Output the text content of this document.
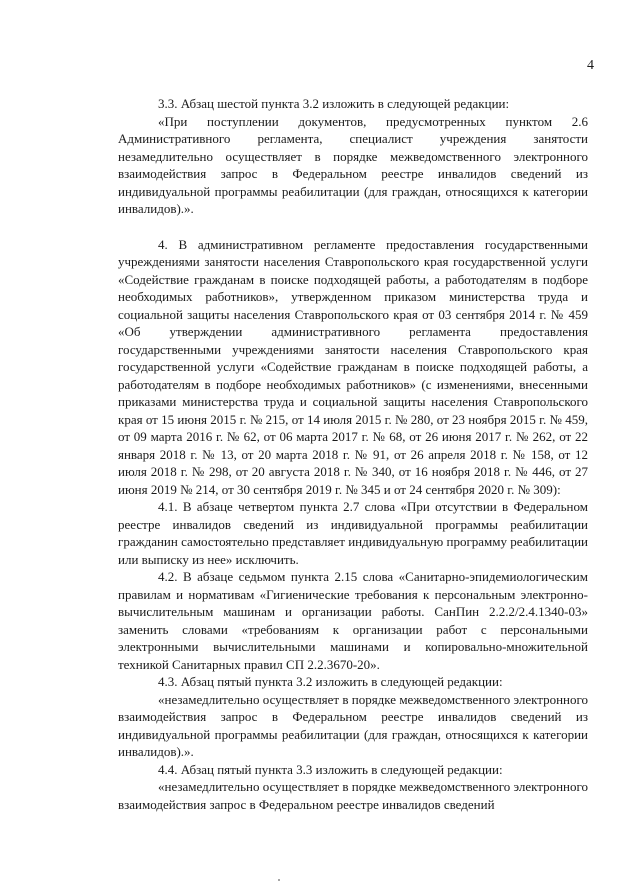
4

3.3. Абзац шестой пункта 3.2 изложить в следующей редакции:

«При поступлении документов, предусмотренных пунктом 2.6 Административного регламента, специалист учреждения занятости незамедлительно осуществляет в порядке межведомственного электронного взаимодействия запрос в Федеральном реестре инвалидов сведений из индивидуальной программы реабилитации (для граждан, относящихся к категории инвалидов).».

4. В административном регламенте предоставления государственными учреждениями занятости населения Ставропольского края государственной услуги «Содействие гражданам в поиске подходящей работы, а работодателям в подборе необходимых работников», утвержденном приказом министерства труда и социальной защиты населения Ставропольского края от 03 сентября 2014 г. № 459 «Об утверждении административного регламента предоставления государственными учреждениями занятости населения Ставропольского края государственной услуги «Содействие гражданам в поиске подходящей работы, а работодателям в подборе необходимых работников» (с изменениями, внесенными приказами министерства труда и социальной защиты населения Ставропольского края от 15 июня 2015 г. № 215, от 14 июля 2015 г. № 280, от 23 ноября 2015 г. № 459, от 09 марта 2016 г. № 62, от 06 марта 2017 г. № 68, от 26 июня 2017 г. № 262, от 22 января 2018 г. № 13, от 20 марта 2018 г. № 91, от 26 апреля 2018 г. № 158, от 12 июля 2018 г. № 298, от 20 августа 2018 г. № 340, от 16 ноября 2018 г. № 446, от 27 июня 2019 № 214, от 30 сентября 2019 г. № 345 и от 24 сентября 2020 г. № 309):

4.1. В абзаце четвертом пункта 2.7 слова «При отсутствии в Федеральном реестре инвалидов сведений из индивидуальной программы реабилитации гражданин самостоятельно представляет индивидуальную программу реабилитации или выписку из нее» исключить.

4.2. В абзаце седьмом пункта 2.15 слова «Санитарно-эпидемиологическим правилам и нормативам «Гигиенические требования к персональным электронно-вычислительным машинам и организации работы. СанПин 2.2.2/2.4.1340-03» заменить словами «требованиям к организации работ с персональными электронными вычислительными машинами и копировально-множительной техникой Санитарных правил СП 2.2.3670-20».

4.3. Абзац пятый пункта 3.2 изложить в следующей редакции:

«незамедлительно осуществляет в порядке межведомственного электронного взаимодействия запрос в Федеральном реестре инвалидов сведений из индивидуальной программы реабилитации (для граждан, относящихся к категории инвалидов).».

4.4. Абзац пятый пункта 3.3 изложить в следующей редакции:

«незамедлительно осуществляет в порядке межведомственного электронного взаимодействия запрос в Федеральном реестре инвалидов сведений
